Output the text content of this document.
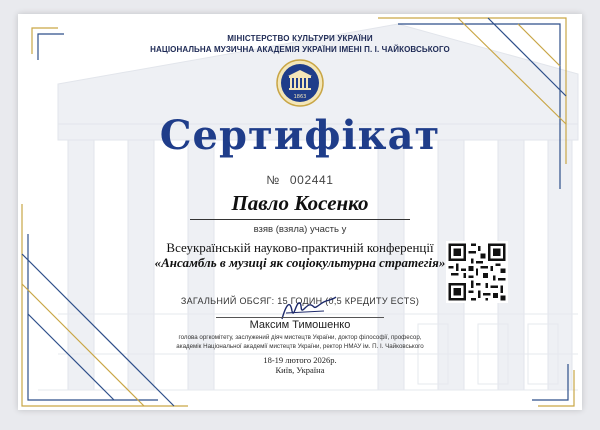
МІНІСТЕРСТВО КУЛЬТУРИ УКРАЇНИ
НАЦІОНАЛЬНА МУЗИЧНА АКАДЕМІЯ УКРАЇНИ ІМЕНІ П. І. ЧАЙКОВСЬКОГО
1863
Сертифікат
№ 002441
Павло Косенко
взяв (взяла) участь у
Всеукраїнській науково-практичній конференції
«Ансамбль в музиці як соціокультурна стратегія»
ЗАГАЛЬНИЙ ОБСЯГ: 15 ГОДИН (0,5 КРЕДИТУ ECTS)
Максим Тимошенко
голова оргкомітету, заслужений діяч мистецтв України, доктор філософії, професор,
академік Національної академії мистецтв України, ректор НМАУ ім. П. І. Чайковського
18-19 лютого 2026р.
Київ, Україна
